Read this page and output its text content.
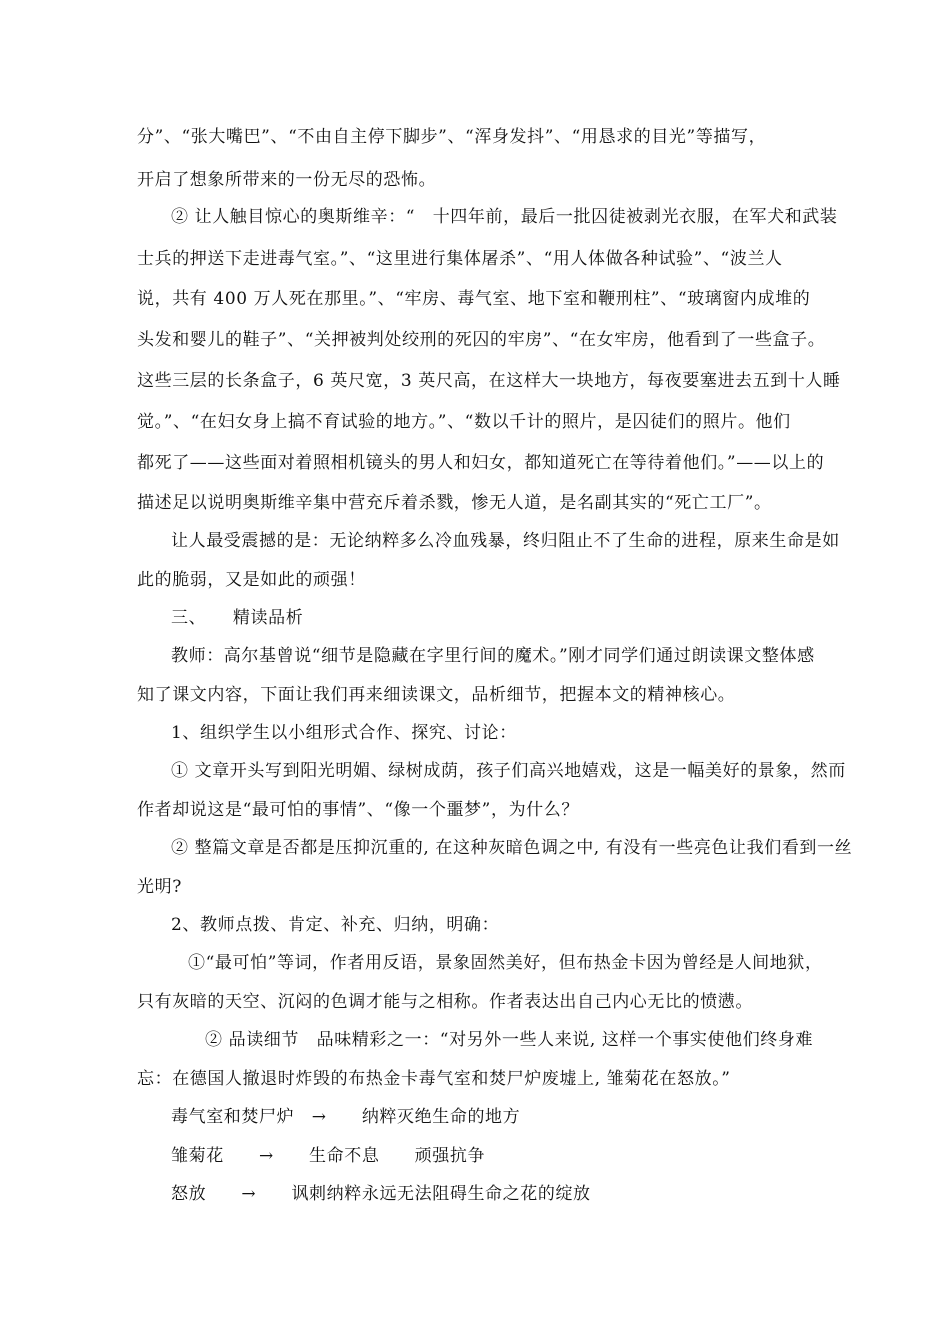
分”、“张大嘴巴”、“不由自主停下脚步”、“浑身发抖”、“用恳求的目光”等描写，
开启了想象所带来的一份无尽的恐怖。
② 让人触目惊心的奥斯维辛：“　十四年前，最后一批囚徒被剥光衣服，在军犬和武装
士兵的押送下走进毒气室。”、“这里进行集体屠杀”、“用人体做各种试验”、“波兰人
说，共有 400 万人死在那里。”、“牢房、毒气室、地下室和鞭刑柱”、“玻璃窗内成堆的
头发和婴儿的鞋子”、“关押被判处绞刑的死囚的牢房”、“在女牢房，他看到了一些盒子。
这些三层的长条盒子，6 英尺宽，3 英尺高，在这样大一块地方，每夜要塞进去五到十人睡
觉。”、“在妇女身上搞不育试验的地方。”、“数以千计的照片，是囚徒们的照片。他们
都死了——这些面对着照相机镜头的男人和妇女，都知道死亡在等待着他们。”——以上的
描述足以说明奥斯维辛集中营充斥着杀戮，惨无人道，是名副其实的“死亡工厂”。
让人最受震撼的是：无论纳粹多么冷血残暴，终归阻止不了生命的进程，原来生命是如
此的脆弱，又是如此的顽强！
三、　　精读品析
教师：高尔基曾说“细节是隐藏在字里行间的魔术。”刚才同学们通过朗读课文整体感
知了课文内容，下面让我们再来细读课文，品析细节，把握本文的精神核心。
1、组织学生以小组形式合作、探究、讨论：
① 文章开头写到阳光明媚、绿树成荫，孩子们高兴地嬉戏，这是一幅美好的景象，然而
作者却说这是“最可怕的事情”、“像一个噩梦”，为什么？
② 整篇文章是否都是压抑沉重的, 在这种灰暗色调之中, 有没有一些亮色让我们看到一丝
光明?
2、教师点拨、肯定、补充、归纳，明确：
①“最可怕”等词，作者用反语，景象固然美好，但布热金卡因为曾经是人间地狱，
只有灰暗的天空、沉闷的色调才能与之相称。作者表达出自己内心无比的愤懑。
② 品读细节　品味精彩之一：“对另外一些人来说, 这样一个事实使他们终身难
忘：在德国人撤退时炸毁的布热金卡毒气室和焚尸炉废墟上, 雏菊花在怒放。”
毒气室和焚尸炉　→　　纳粹灭绝生命的地方
雏菊花　　→　　生命不息　　顽强抗争
怒放　　→　　讽刺纳粹永远无法阻碍生命之花的绽放
